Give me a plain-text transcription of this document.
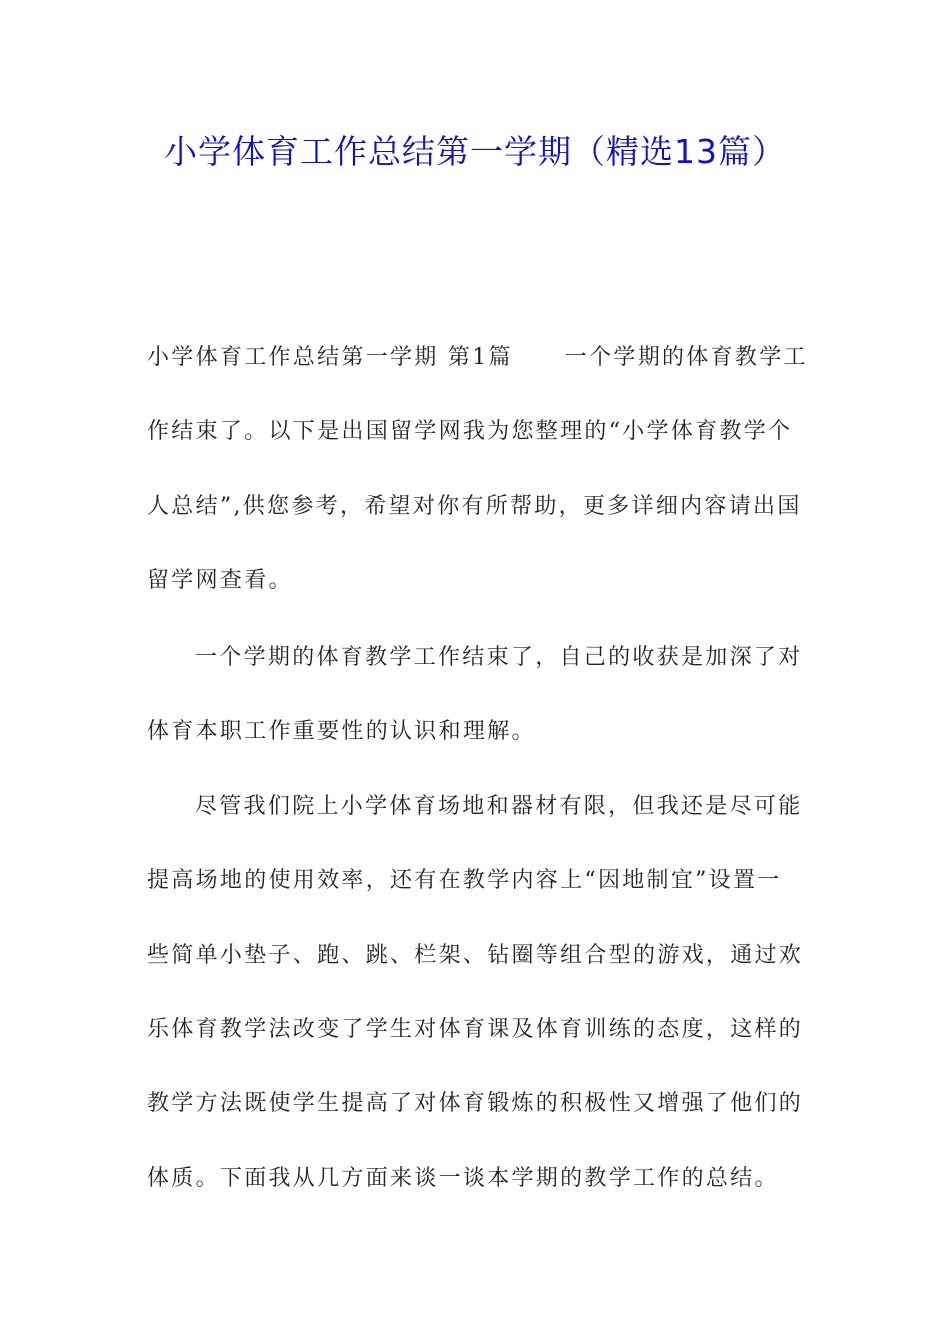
小学体育工作总结第一学期（精选13篇）
小学体育工作总结第一学期 第1篇 一个学期的体育教学工
作结束了。以下是出国留学网我为您整理的“小学体育教学个
人总结”,供您参考，希望对你有所帮助，更多详细内容请出国
留学网查看。
一个学期的体育教学工作结束了，自己的收获是加深了对
体育本职工作重要性的认识和理解。
尽管我们院上小学体育场地和器材有限，但我还是尽可能
提高场地的使用效率，还有在教学内容上“因地制宜”设置一
些简单小垫子、跑、跳、栏架、钻圈等组合型的游戏，通过欢
乐体育教学法改变了学生对体育课及体育训练的态度，这样的
教学方法既使学生提高了对体育锻炼的积极性又增强了他们的
体质。下面我从几方面来谈一谈本学期的教学工作的总结。
